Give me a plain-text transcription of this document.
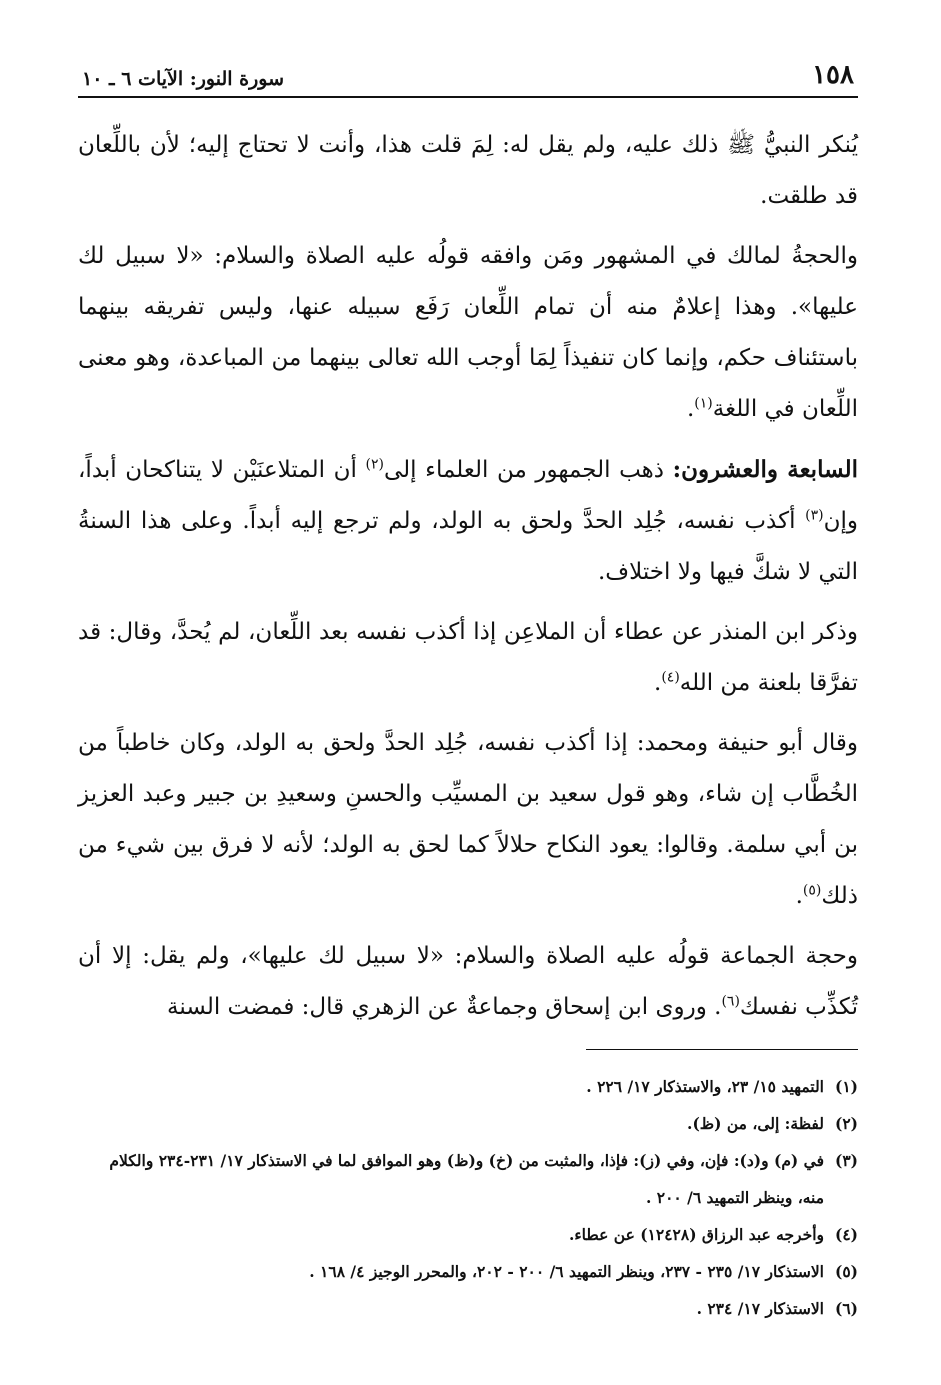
١٥٨
سورة النور: الآيات ٦ ـ ١٠

يُنكر النبيُّ ﷺ ذلك عليه، ولم يقل له: لِمَ قلت هذا، وأنت لا تحتاج إليه؛ لأن باللِّعان قد طلقت.

والحجةُ لمالك في المشهور ومَن وافقه قولُه عليه الصلاة والسلام: «لا سبيل لك عليها». وهذا إعلامٌ منه أن تمام اللِّعان رَفَع سبيله عنها، وليس تفريقه بينهما باستئناف حكم، وإنما كان تنفيذاً لِمَا أوجب الله تعالى بينهما من المباعدة، وهو معنى اللِّعان في اللغة$^{(١)}$.

السابعة والعشرون: ذهب الجمهور من العلماء إلى$^{(٢)}$ أن المتلاعنَيْن لا يتناكحان أبداً، وإن$^{(٣)}$ أكذب نفسه، جُلِد الحدَّ ولحق به الولد، ولم ترجع إليه أبداً. وعلى هذا السنةُ التي لا شكَّ فيها ولا اختلاف.

وذكر ابن المنذر عن عطاء أن الملاعِن إذا أكذب نفسه بعد اللِّعان، لم يُحدَّ، وقال: قد تفرَّقا بلعنة من الله$^{(٤)}$.

وقال أبو حنيفة ومحمد: إذا أكذب نفسه، جُلِد الحدَّ ولحق به الولد، وكان خاطباً من الخُطَّاب إن شاء، وهو قول سعيد بن المسيِّب والحسنِ وسعيدِ بن جبير وعبد العزيز بن أبي سلمة. وقالوا: يعود النكاح حلالاً كما لحق به الولد؛ لأنه لا فرق بين شيء من ذلك$^{(٥)}$.

وحجة الجماعة قولُه عليه الصلاة والسلام: «لا سبيل لك عليها»، ولم يقل: إلا أن تُكذِّب نفسك$^{(٦)}$. وروى ابن إسحاق وجماعةٌ عن الزهري قال: فمضت السنة

(١)
التمهيد ١٥/ ٢٣، والاستذكار ١٧/ ٢٢٦ .
(٢)
لفظة: إلى، من (ظ).
(٣)
في (م) و(د): فإن، وفي (ز): فإذا، والمثبت من (خ) و(ظ) وهو الموافق لما في الاستذكار ١٧/ ٢٣١-٢٣٤ والكلام منه، وينظر التمهيد ٦/ ٢٠٠ .
(٤)
وأخرجه عبد الرزاق (١٢٤٢٨) عن عطاء.
(٥)
الاستذكار ١٧/ ٢٣٥ - ٢٣٧، وينظر التمهيد ٦/ ٢٠٠ - ٢٠٢، والمحرر الوجيز ٤/ ١٦٨ .
(٦)
الاستذكار ١٧/ ٢٣٤ .
